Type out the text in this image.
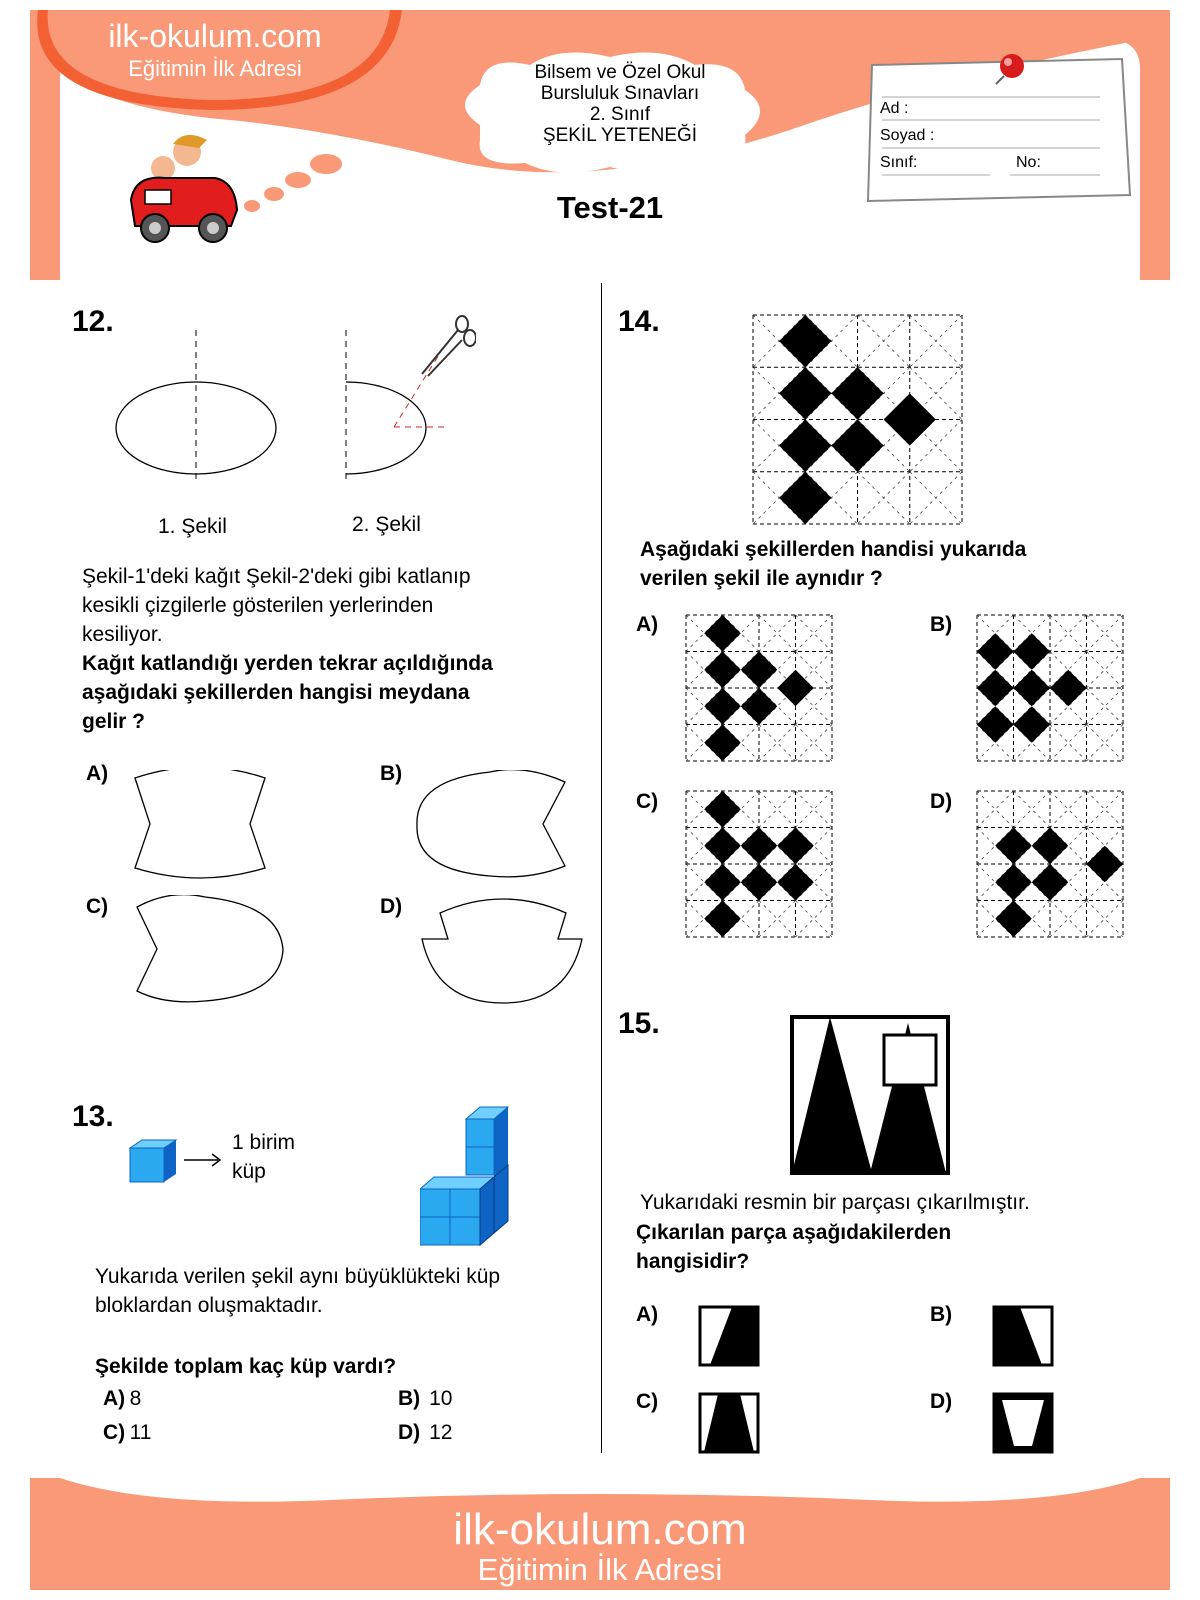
ilk-okulum.com
Eğitimin İlk Adresi	Bilsem ve Özel Okul
Bursluluk Sınavları
2. Sınıf
ŞEKİL YETENEĞİ
Test-21
Ad :
Soyad :
Sınıf:	No:
12.
1. Şekil	2. Şekil
Şekil-1'deki kağıt Şekil-2'deki gibi katlanıp
kesikli çizgilerle gösterilen yerlerinden
kesiliyor.
Kağıt katlandığı yerden tekrar açıldığında
aşağıdaki şekillerden hangisi meydana
gelir ?
A)	B)
C)	D)
13.
1 birim
küp
Yukarıda verilen şekil aynı büyüklükteki küp
bloklardan oluşmaktadır.
Şekilde toplam kaç küp vardı?
A) 8	B) 10
C) 11	D) 12
14.
Aşağıdaki şekillerden handisi yukarıda
verilen şekil ile aynıdır ?
A)	B)
C)	D)
15.
Yukarıdaki resmin bir parçası çıkarılmıştır.
Çıkarılan parça aşağıdakilerden
hangisidir?
A)	B)
C)	D)
ilk-okulum.com
Eğitimin İlk Adresi
